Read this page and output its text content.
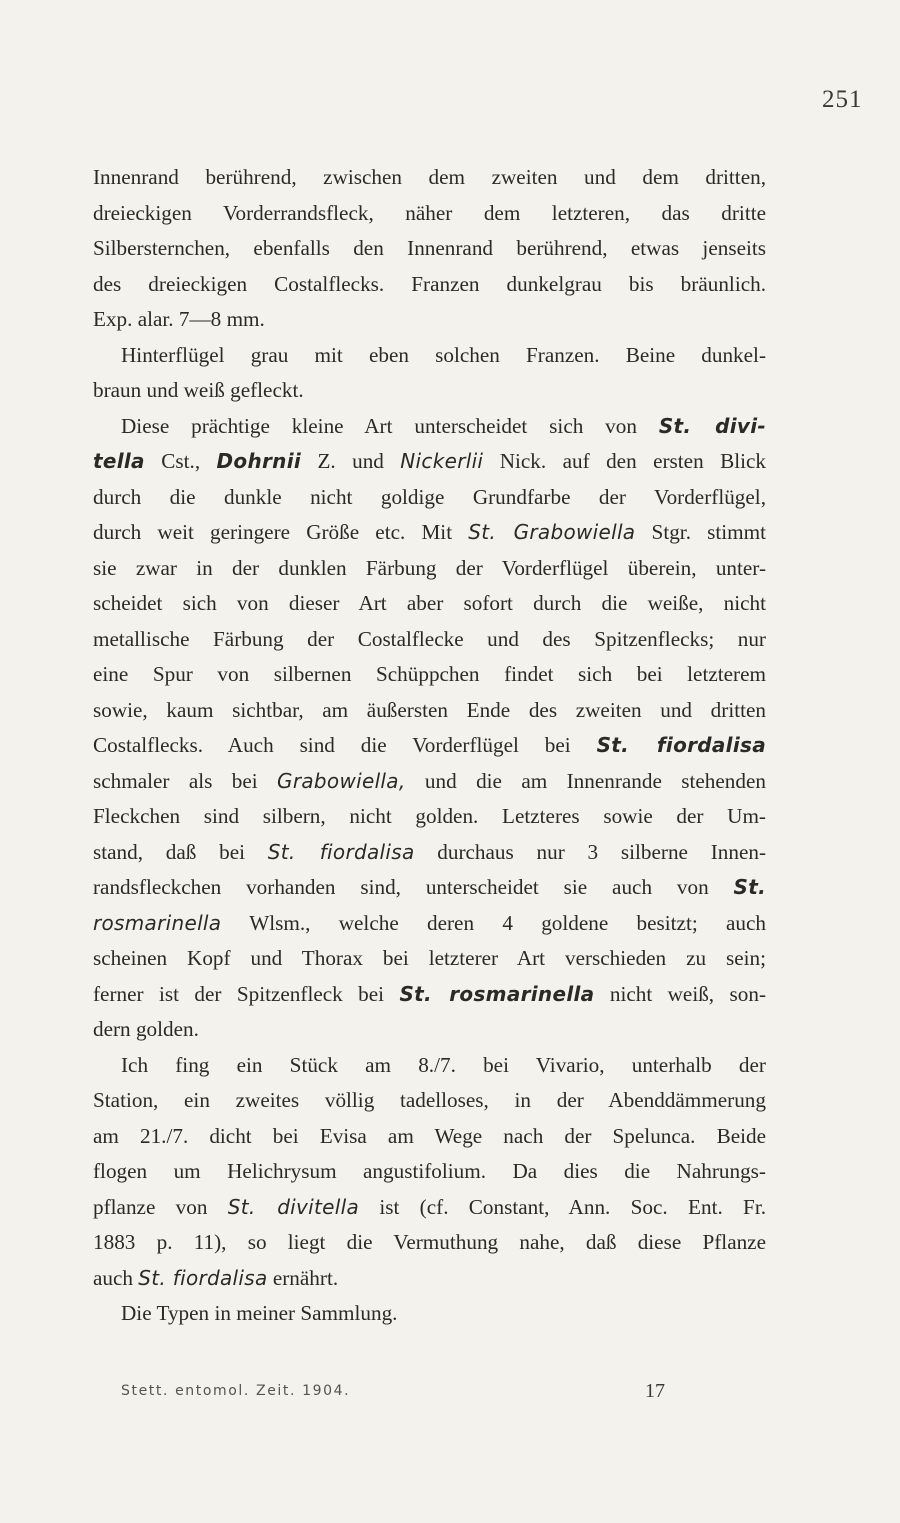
251
Innenrand berührend, zwischen dem zweiten und dem dritten,
dreieckigen Vorderrandsfleck, näher dem letzteren, das dritte
Silbersternchen, ebenfalls den Innenrand berührend, etwas jenseits
des dreieckigen Costalflecks. Franzen dunkelgrau bis bräunlich.
Exp. alar. 7—8 mm.
Hinterflügel grau mit eben solchen Franzen. Beine dunkel-
braun und weiß gefleckt.
Diese prächtige kleine Art unterscheidet sich von St. divi-
tella Cst., Dohrnii Z. und Nickerlii Nick. auf den ersten Blick
durch die dunkle nicht goldige Grundfarbe der Vorderflügel,
durch weit geringere Größe etc. Mit St. Grabowiella Stgr. stimmt
sie zwar in der dunklen Färbung der Vorderflügel überein, unter-
scheidet sich von dieser Art aber sofort durch die weiße, nicht
metallische Färbung der Costalflecke und des Spitzenflecks; nur
eine Spur von silbernen Schüppchen findet sich bei letzterem
sowie, kaum sichtbar, am äußersten Ende des zweiten und dritten
Costalflecks. Auch sind die Vorderflügel bei St. fiordalisa
schmaler als bei Grabowiella, und die am Innenrande stehenden
Fleckchen sind silbern, nicht golden. Letzteres sowie der Um-
stand, daß bei St. fiordalisa durchaus nur 3 silberne Innen-
randsfleckchen vorhanden sind, unterscheidet sie auch von St.
rosmarinella Wlsm., welche deren 4 goldene besitzt; auch
scheinen Kopf und Thorax bei letzterer Art verschieden zu sein;
ferner ist der Spitzenfleck bei St. rosmarinella nicht weiß, son-
dern golden.
Ich fing ein Stück am 8./7. bei Vivario, unterhalb der
Station, ein zweites völlig tadelloses, in der Abenddämmerung
am 21./7. dicht bei Evisa am Wege nach der Spelunca. Beide
flogen um Helichrysum angustifolium. Da dies die Nahrungs-
pflanze von St. divitella ist (cf. Constant, Ann. Soc. Ent. Fr.
1883 p. 11), so liegt die Vermuthung nahe, daß diese Pflanze
auch St. fiordalisa ernährt.
Die Typen in meiner Sammlung.
Stett. entomol. Zeit. 1904.	17
